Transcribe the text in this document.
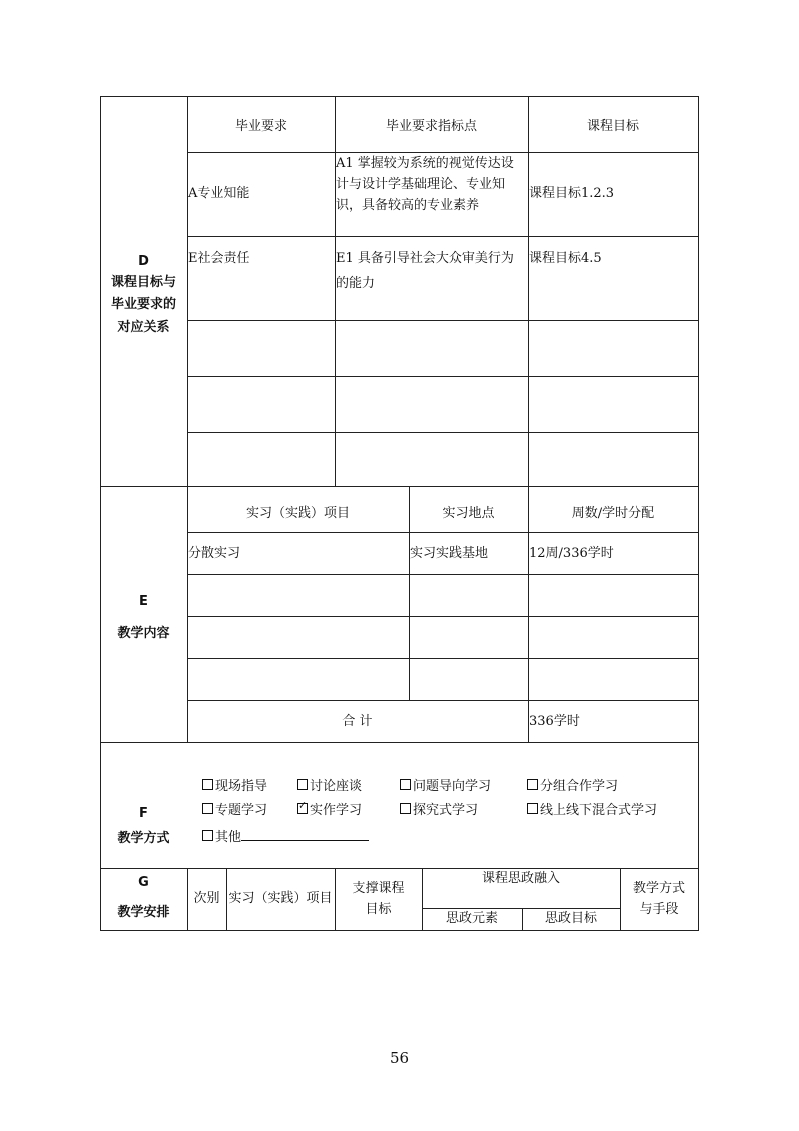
D
课程目标与
毕业要求的
对应关系
毕业要求	毕业要求指标点	课程目标
A专业知能
A1 掌握较为系统的视觉传达设
计与设计学基础理论、专业知
识，具备较高的专业素养
课程目标1.2.3
E社会责任	E1 具备引导社会大众审美行为
的能力
课程目标4.5
E
教学内容
实习（实践）项目	实习地点	周数/学时分配
分散实习	实习实践基地	12周/336学时
合 计	336学时
F
教学方式
现场指导	讨论座谈	问题导向学习	分组合作学习
专题学习
✓	实作学习	探究式学习	线上线下混合式学习
其他
G
教学安排
次别 实习（实践）项目
支撑课程
目标
课程思政融入
思政元素	思政目标
教学方式
与手段
56
